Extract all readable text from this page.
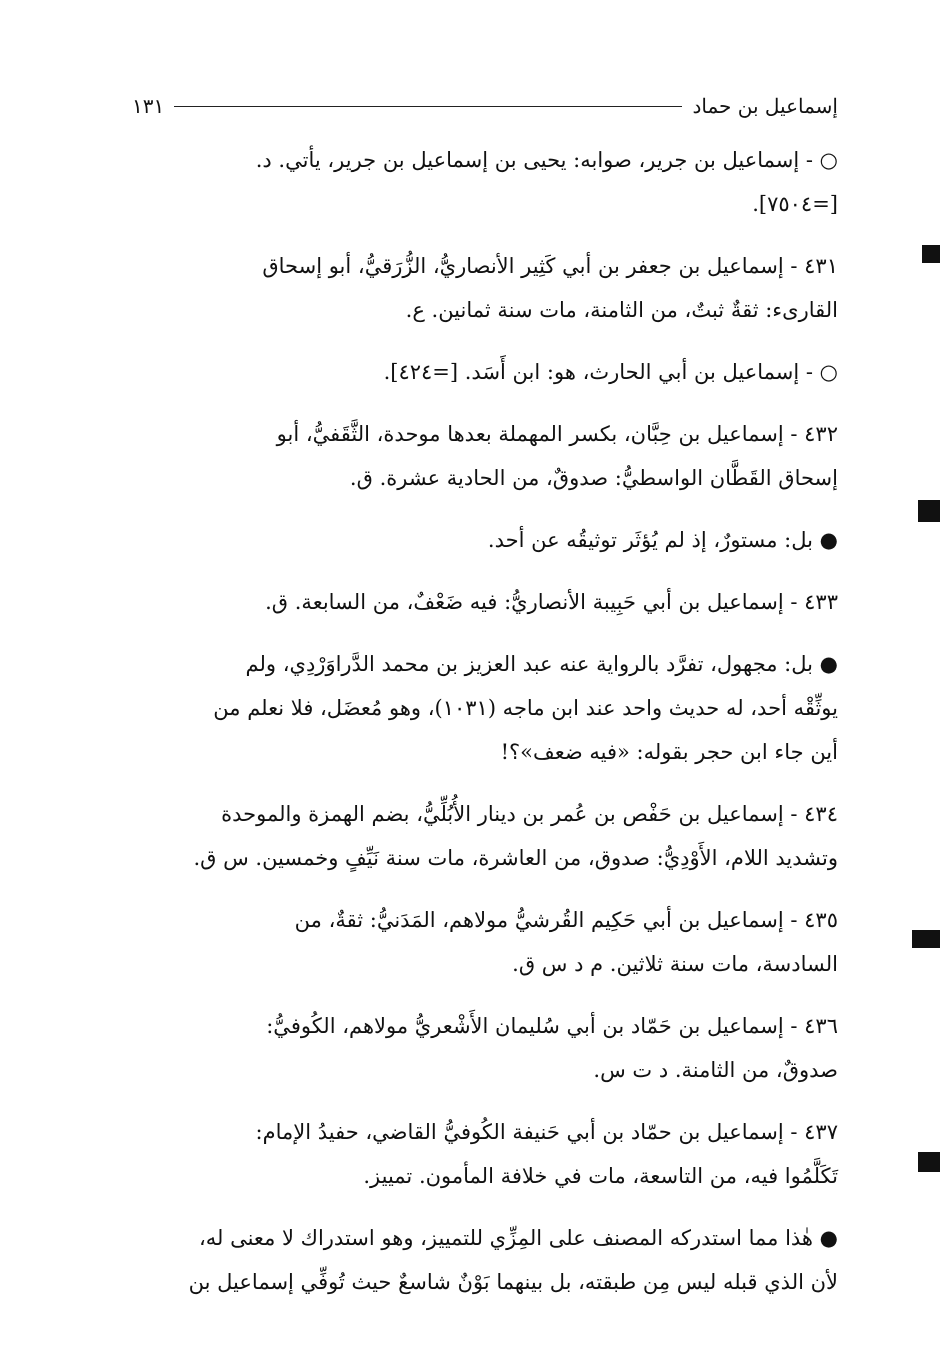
إسماعيل بن حماد
١٣١
○ - إسماعيل بن جرير، صوابه: يحيى بن إسماعيل بن جرير، يأتي. د.
[=٧٥٠٤].
٤٣١ - إسماعيل بن جعفر بن أبي كَثِير الأنصاريُّ، الزُّرَقيُّ، أبو إسحاق
القارىء: ثقةٌ ثبتٌ، من الثامنة، مات سنة ثمانين. ع.
○ - إسماعيل بن أبي الحارث، هو: ابن أَسَد. [=٤٢٤].
٤٣٢ - إسماعيل بن حِبَّان، بكسر المهملة بعدها موحدة، الثَّقَفيُّ، أبو
إسحاق القَطَّان الواسطيُّ: صدوقٌ، من الحادية عشرة. ق.
● بل: مستورٌ، إذ لم يُؤثَر توثيقُه عن أحد.
٤٣٣ - إسماعيل بن أبي حَبِيبة الأنصاريُّ: فيه ضَعْفٌ، من السابعة. ق.
● بل: مجهول، تفرَّد بالرواية عنه عبد العزيز بن محمد الدَّراوَرْدِي، ولم
يوثِّقْه أحد، له حديث واحد عند ابن ماجه (١٠٣١)، وهو مُعضَل، فلا نعلم من
أين جاء ابن حجر بقوله: «فيه ضعف»؟!
٤٣٤ - إسماعيل بن حَفْص بن عُمر بن دينار الأُبُلِّيُّ، بضم الهمزة والموحدة
وتشديد اللام، الأَوْدِيُّ: صدوق، من العاشرة، مات سنة نَيِّفٍ وخمسين. س ق.
٤٣٥ - إسماعيل بن أبي حَكِيم القُرشيُّ مولاهم، المَدَنيُّ: ثقةٌ، من
السادسة، مات سنة ثلاثين. م د س ق.
٤٣٦ - إسماعيل بن حَمّاد بن أبي سُليمان الأَشْعريُّ مولاهم، الكُوفيُّ:
صدوقٌ، من الثامنة. د ت س.
٤٣٧ - إسماعيل بن حمّاد بن أبي حَنيفة الكُوفيُّ القاضي، حفيدُ الإمام:
تَكَلَّمُوا فيه، من التاسعة، مات في خلافة المأمون. تمييز.
● هٰذا مما استدركه المصنف على المِزِّي للتمييز، وهو استدراك لا معنى له،
لأن الذي قبله ليس مِن طبقته، بل بينهما بَوْنٌ شاسعٌ حيث تُوفِّي إسماعيل بن
